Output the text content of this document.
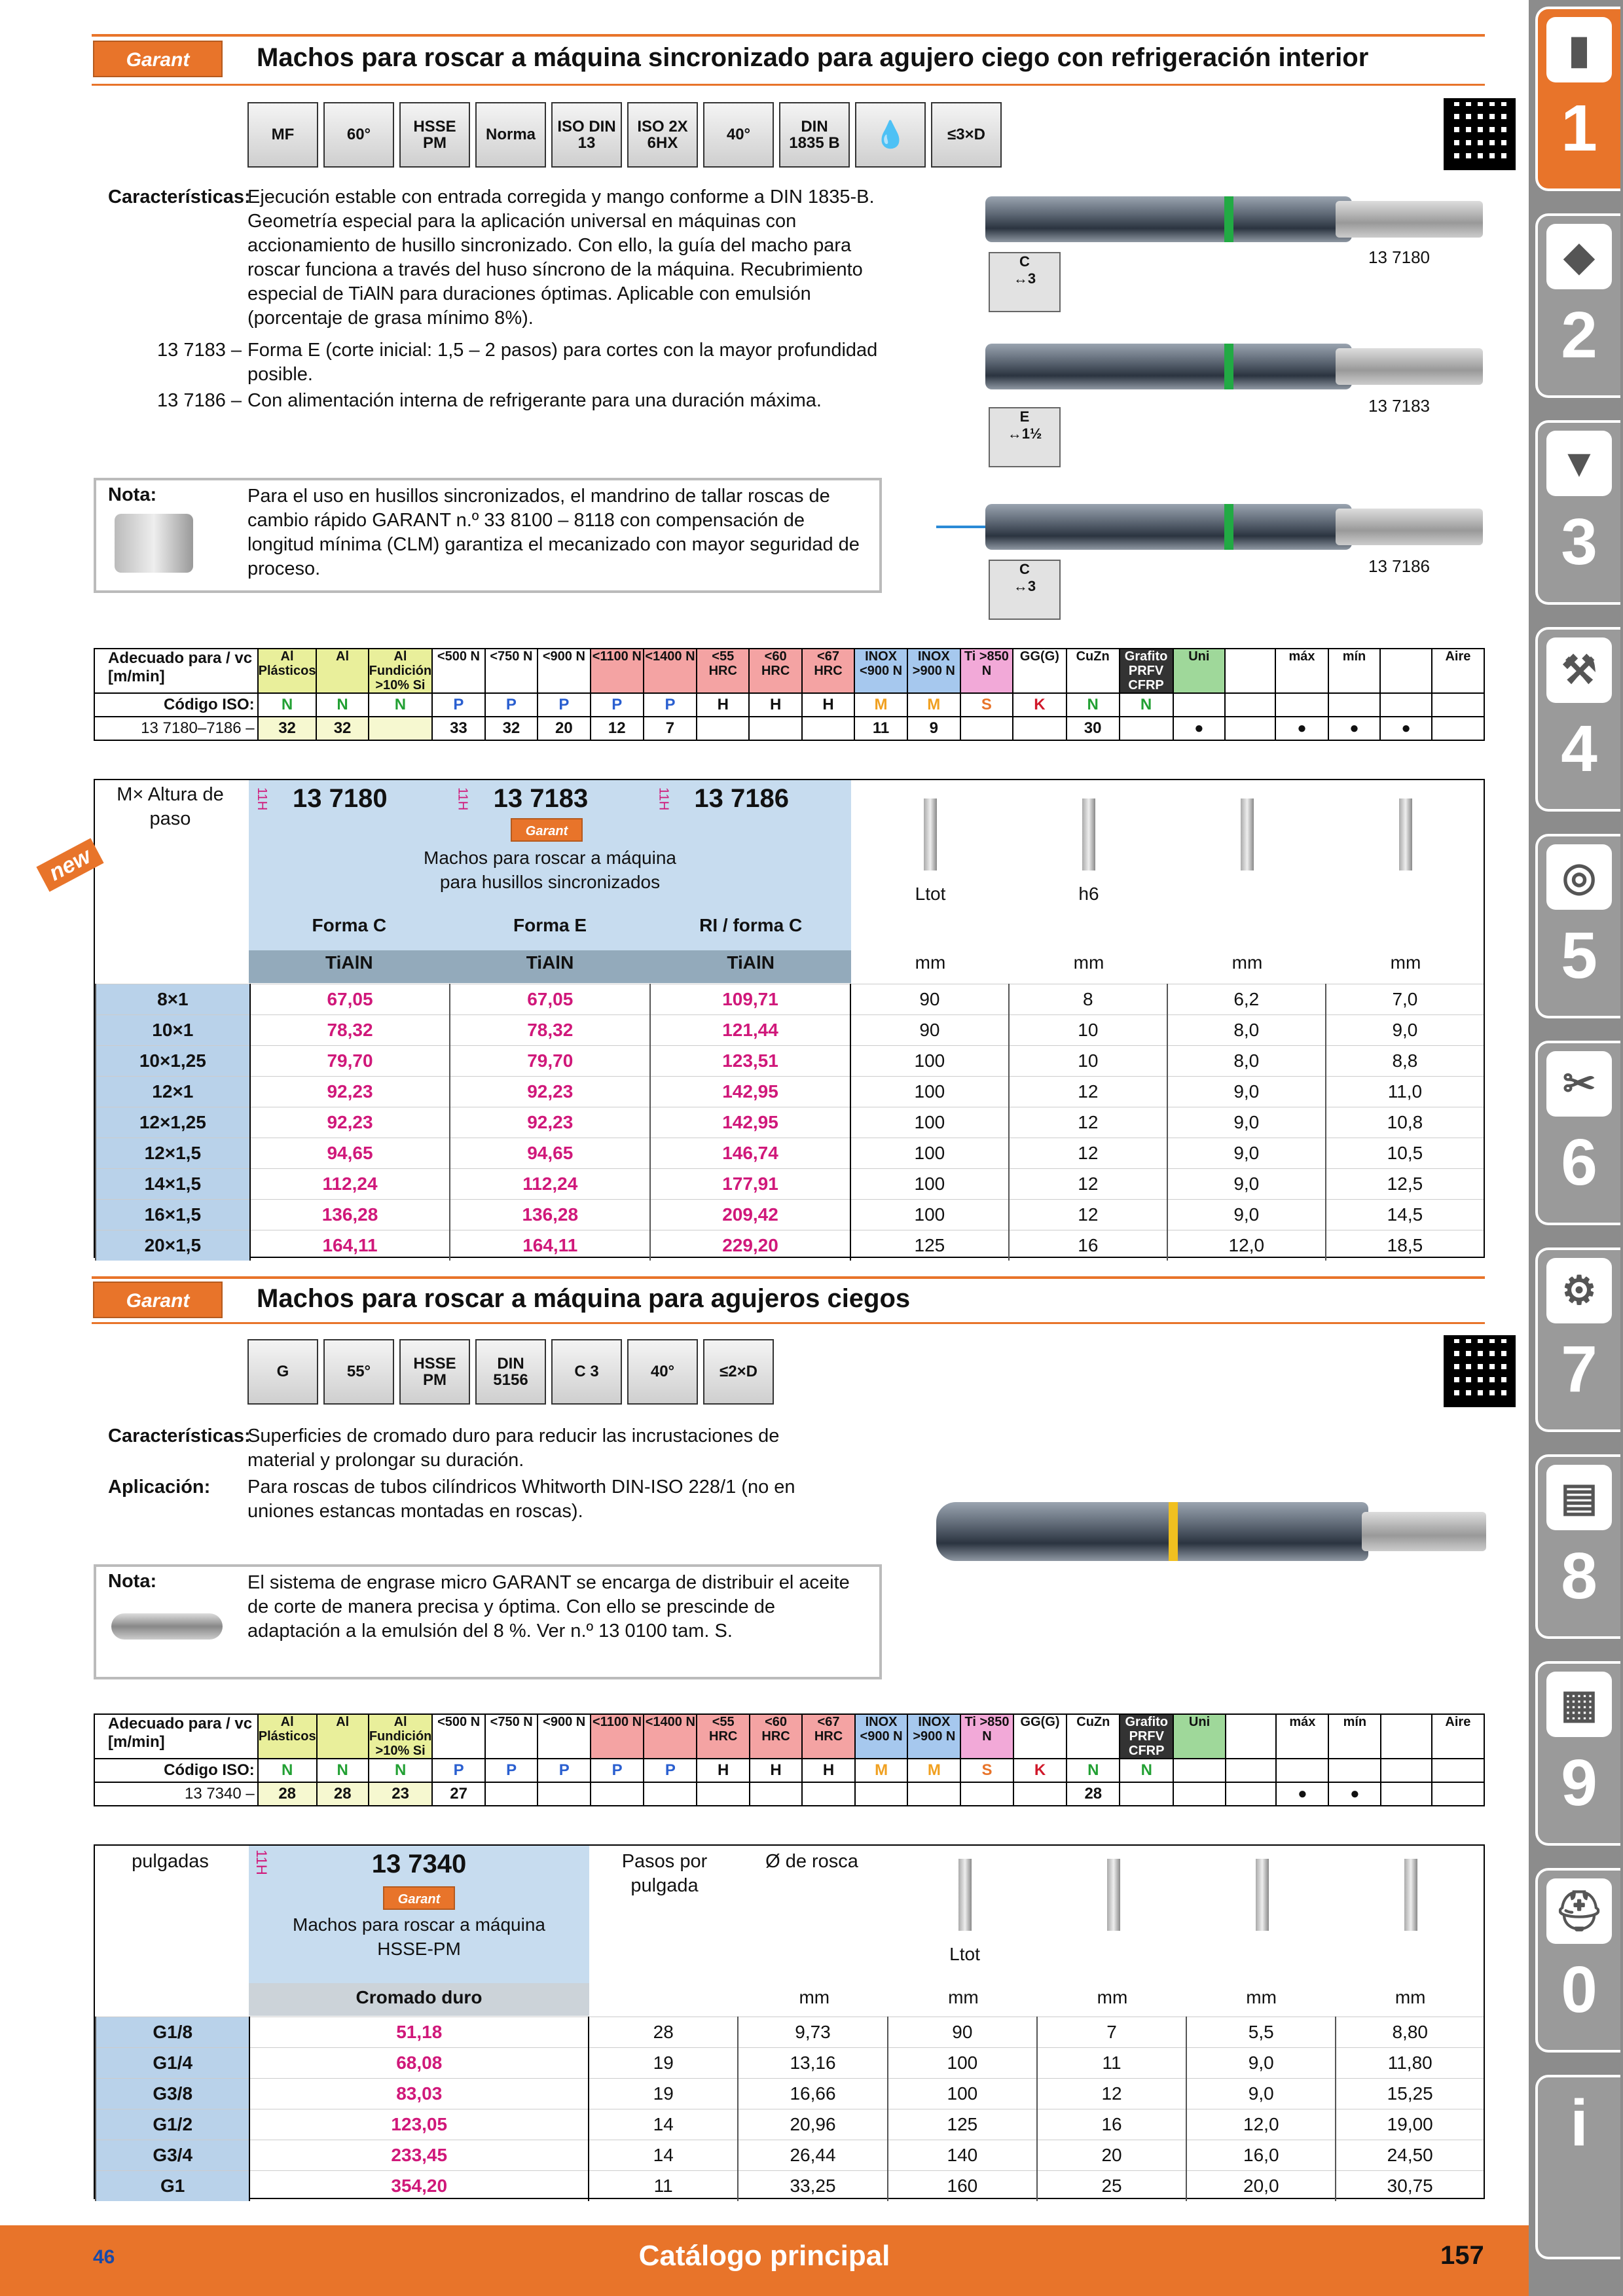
Garant	Machos para roscar a máquina sincronizado para agujero ciego con refrigeración interior
MF	60°	HSSE PM	Norma	ISO DIN 13
ISO 2X 6HX	40°	DIN 1835 B	💧	≤3×D
Características:
Ejecución estable con entrada corregida y mango conforme a DIN 1835-B. Geometría especial para la aplicación universal en máquinas con accionamiento de husillo sincronizado. Con ello, la guía del macho para roscar funciona a través del huso síncrono de la máquina. Recubrimiento especial de TiAlN para duraciones óptimas. Aplicable con emulsión (porcentaje de grasa mínimo 8%).
13 7183 – Forma E (corte inicial: 1,5 – 2 pasos) para cortes con la mayor profundidad posible.
13 7186 – Con alimentación interna de refrigerante para una duración máxima.
Nota:	Para el uso en husillos sincronizados, el mandrino de tallar roscas de cambio rápido GARANT n.º 33 8100 – 8118 con compensación de longitud mínima (CLM) garantiza el mecanizado con mayor seguridad de proceso.
C
↔3
13 7180
E
↔1½
13 7183
C
↔3
13 7186
Adecuado para / vc [m/min]	Al Plásticos	Al	Al Fundición >10% Si	<500 N	<750 N	<900 N	<1100 N	<1400 N	<55 HRC	<60 HRC	<67 HRC	INOX <900 N	INOX >900 N	Ti >850 N	GG(G)	CuZn	Grafito PRFV CFRP	Uni		máx	mín		Aire
Código ISO:	N	N	N	P	P	P	P	P	H	H	H	M	M	S	K	N	N						
13 7180–7186 –	32	32		33	32	20	12	7				11	9			30		●		●	●	●	
M× Altura de paso
new
11H 13 7180	11H 13 7183	11H 13 7186
Garant
Machos para roscar a máquina para husillos sincronizados
Forma C	Forma E	RI / forma C
TiAlN	TiAlN	TiAlN
Ltot	h6
mm	mm	mm	mm
8×1	67,05	67,05	109,71	90	8	6,2	7,0
10×1	78,32	78,32	121,44	90	10	8,0	9,0
10×1,25	79,70	79,70	123,51	100	10	8,0	8,8
12×1	92,23	92,23	142,95	100	12	9,0	11,0
12×1,25	92,23	92,23	142,95	100	12	9,0	10,8
12×1,5	94,65	94,65	146,74	100	12	9,0	10,5
14×1,5	112,24	112,24	177,91	100	12	9,0	12,5
16×1,5	136,28	136,28	209,42	100	12	9,0	14,5
20×1,5	164,11	164,11	229,20	125	16	12,0	18,5
Garant	Machos para roscar a máquina para agujeros ciegos
G	55°	HSSE PM
DIN 5156	C 3	40°	≤2×D
Características:
Superficies de cromado duro para reducir las incrustaciones de material y prolongar su duración.
Aplicación: Para roscas de tubos cilíndricos Whitworth DIN-ISO 228/1 (no en uniones estancas montadas en roscas).
Nota:	El sistema de engrase micro GARANT se encarga de distribuir el aceite de corte de manera precisa y óptima. Con ello se prescinde de adaptación a la emulsión del 8 %. Ver n.º 13 0100 tam. S.
Adecuado para / vc [m/min]	Al Plásticos	Al	Al Fundición >10% Si	<500 N	<750 N	<900 N	<1100 N	<1400 N	<55 HRC	<60 HRC	<67 HRC	INOX <900 N	INOX >900 N	Ti >850 N	GG(G)	CuZn	Grafito PRFV CFRP	Uni		máx	mín		Aire
Código ISO:	N	N	N	P	P	P	P	P	H	H	H	M	M	S	K	N	N						
13 7340 –	28	28	23	27												28				●	●		
pulgadas	13 7340
11H
Garant
Machos para roscar a máquina HSSE-PM
Cromado duro
Pasos por pulgada
Ø de rosca
Ltot
mm	mm	mm	mm	mm
G1/8	51,18	28	9,73	90	7	5,5	8,80
G1/4	68,08	19	13,16	100	11	9,0	11,80
G3/8	83,03	19	16,66	100	12	9,0	15,25
G1/2	123,05	14	20,96	125	16	12,0	19,00
G3/4	233,45	14	26,44	140	20	16,0	24,50
G1	354,20	11	33,25	160	25	20,0	30,75
▮
1
◆
2
▼
3
⚒
4
◎
5
✂
6
⚙
7
▤
8
▦
9
⛑
0
i
46	Catálogo principal	157
